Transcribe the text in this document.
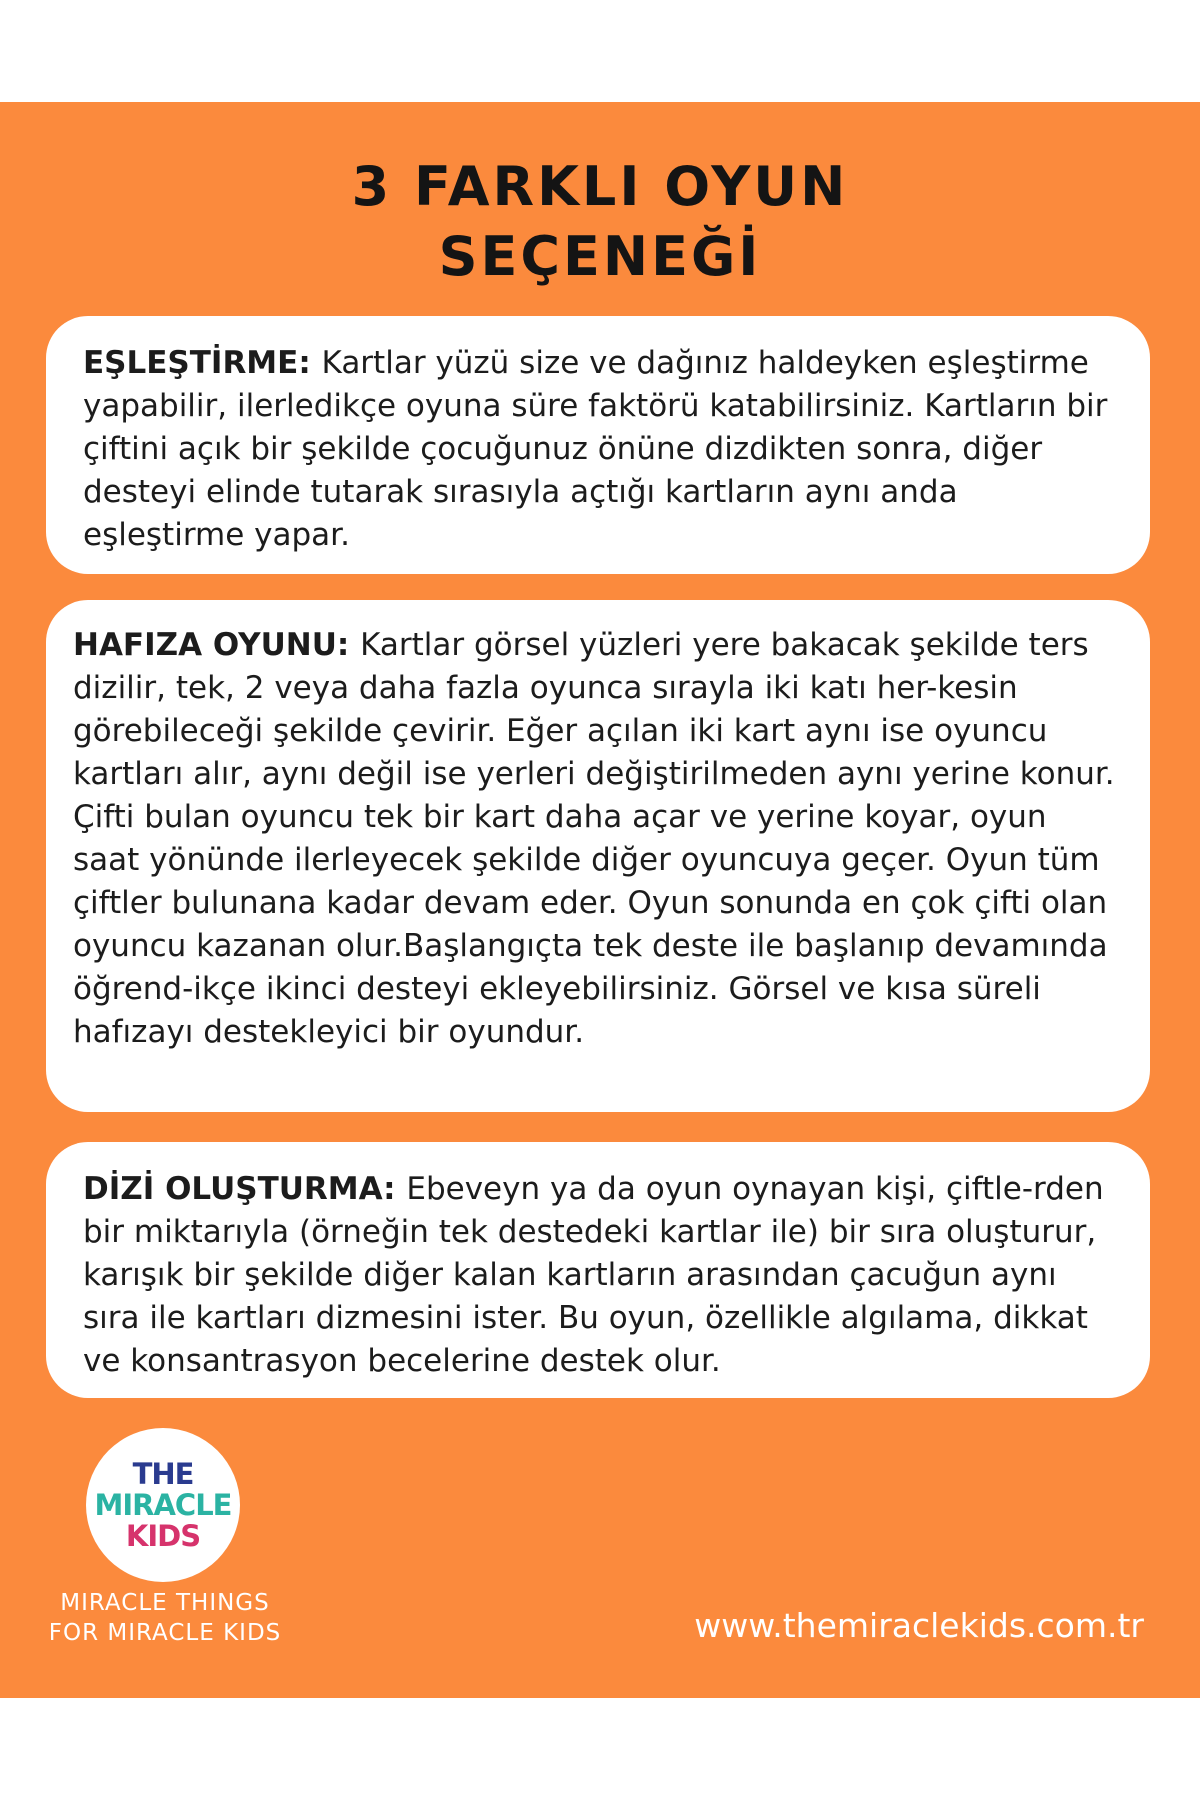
3 FARKLI OYUN
SEÇENEĞİ
EŞLEŞTİRME: Kartlar yüzü size ve dağınız haldeyken eşleştirme yapabilir, ilerledikçe oyuna süre faktörü katabilirsiniz. Kartların bir çiftini açık bir şekilde çocuğunuz önüne dizdikten sonra, diğer desteyi elinde tutarak sırasıyla açtığı kartların aynı anda eşleştirme yapar.
HAFIZA OYUNU: Kartlar görsel yüzleri yere bakacak şekilde ters dizilir, tek, 2 veya daha fazla oyunca sırayla iki katı her-kesin görebileceği şekilde çevirir. Eğer açılan iki kart aynı ise oyuncu kartları alır, aynı değil ise yerleri değiştirilmeden aynı yerine konur. Çifti bulan oyuncu tek bir kart daha açar ve yerine koyar, oyun saat yönünde ilerleyecek şekilde diğer oyuncuya geçer. Oyun tüm çiftler bulunana kadar devam eder. Oyun sonunda en çok çifti olan oyuncu kazanan olur.Başlangıçta tek deste ile başlanıp devamında öğrend-ikçe ikinci desteyi ekleyebilirsiniz. Görsel ve kısa süreli hafızayı destekleyici bir oyundur.
DİZİ OLUŞTURMA: Ebeveyn ya da oyun oynayan kişi, çiftle-rden bir miktarıyla (örneğin tek destedeki kartlar ile) bir sıra oluşturur, karışık bir şekilde diğer kalan kartların arasından çacuğun aynı sıra ile kartları dizmesini ister. Bu oyun, özellikle algılama, dikkat ve konsantrasyon becelerine destek olur.
THE
MIRACLE
KIDS
MIRACLE THINGS
FOR MIRACLE KIDS	www.themiraclekids.com.tr
